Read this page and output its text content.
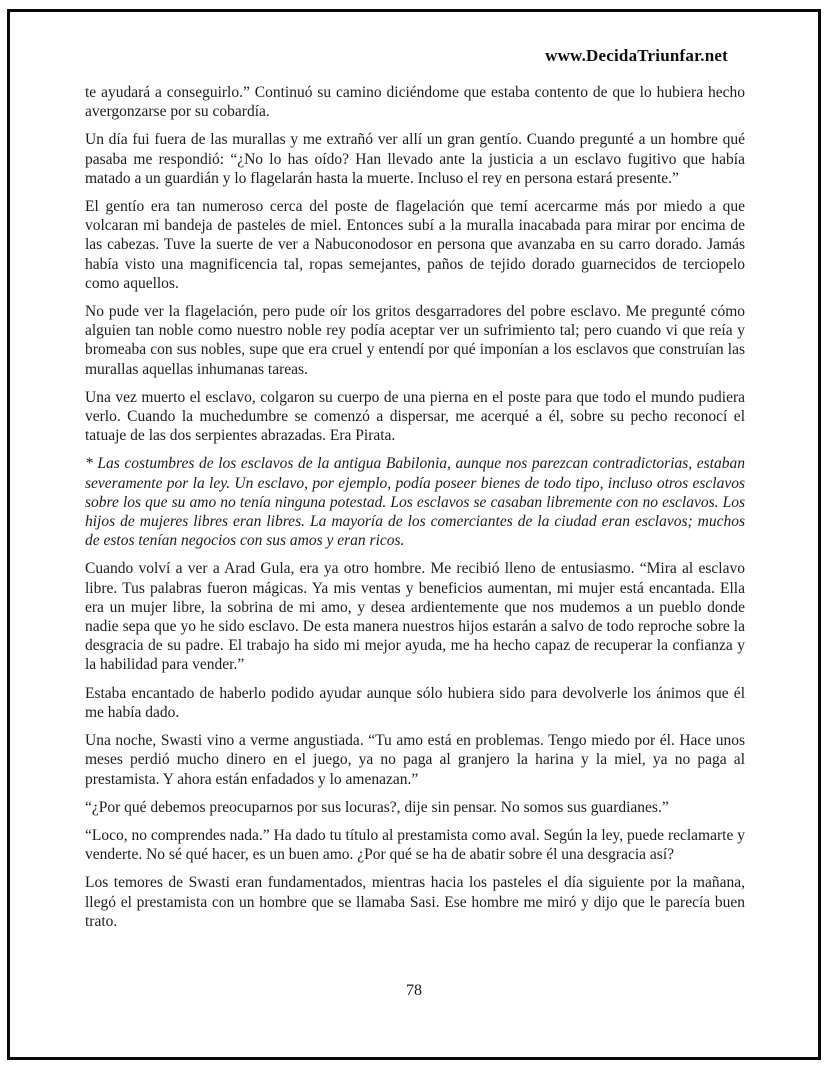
www.DecidaTriunfar.net

te ayudará a conseguirlo.” Continuó su camino diciéndome que estaba contento de que lo hubiera hecho avergonzarse por su cobardía.

Un día fui fuera de las murallas y me extrañó ver allí un gran gentío. Cuando pregunté a un hombre qué pasaba me respondió: “¿No lo has oído? Han llevado ante la justicia a un esclavo fugitivo que había matado a un guardián y lo flagelarán hasta la muerte. Incluso el rey en persona estará presente.”

El gentío era tan numeroso cerca del poste de flagelación que temí acercarme más por miedo a que volcaran mi bandeja de pasteles de miel. Entonces subí a la muralla inacabada para mirar por encima de las cabezas. Tuve la suerte de ver a Nabuconodosor en persona que avanzaba en su carro dorado. Jamás había visto una magnificencia tal, ropas semejantes, paños de tejido dorado guarnecidos de terciopelo como aquellos.

No pude ver la flagelación, pero pude oír los gritos desgarradores del pobre esclavo. Me pregunté cómo alguien tan noble como nuestro noble rey podía aceptar ver un sufrimiento tal; pero cuando vi que reía y bromeaba con sus nobles, supe que era cruel y entendí por qué imponían a los esclavos que construían las murallas aquellas inhumanas tareas.

Una vez muerto el esclavo, colgaron su cuerpo de una pierna en el poste para que todo el mundo pudiera verlo. Cuando la muchedumbre se comenzó a dispersar, me acerqué a él, sobre su pecho reconocí el tatuaje de las dos serpientes abrazadas. Era Pirata.

* Las costumbres de los esclavos de la antigua Babilonia, aunque nos parezcan contradictorias, estaban severamente por la ley. Un esclavo, por ejemplo, podía poseer bienes de todo tipo, incluso otros esclavos sobre los que su amo no tenía ninguna potestad. Los esclavos se casaban libremente con no esclavos. Los hijos de mujeres libres eran libres. La mayoría de los comerciantes de la ciudad eran esclavos; muchos de estos tenían negocios con sus amos y eran ricos.

Cuando volví a ver a Arad Gula, era ya otro hombre. Me recibió lleno de entusiasmo. “Mira al esclavo libre. Tus palabras fueron mágicas. Ya mis ventas y beneficios aumentan, mi mujer está encantada. Ella era un mujer libre, la sobrina de mi amo, y desea ardientemente que nos mudemos a un pueblo donde nadie sepa que yo he sido esclavo. De esta manera nuestros hijos estarán a salvo de todo reproche sobre la desgracia de su padre. El trabajo ha sido mi mejor ayuda, me ha hecho capaz de recuperar la confianza y la habilidad para vender.”

Estaba encantado de haberlo podido ayudar aunque sólo hubiera sido para devolverle los ánimos que él me había dado.

Una noche, Swasti vino a verme angustiada. “Tu amo está en problemas. Tengo miedo por él. Hace unos meses perdió mucho dinero en el juego, ya no paga al granjero la harina y la miel, ya no paga al prestamista. Y ahora están enfadados y lo amenazan.”

“¿Por qué debemos preocuparnos por sus locuras?, dije sin pensar. No somos sus guardianes.”

“Loco, no comprendes nada.” Ha dado tu título al prestamista como aval. Según la ley, puede reclamarte y venderte. No sé qué hacer, es un buen amo. ¿Por qué se ha de abatir sobre él una desgracia así?

Los temores de Swasti eran fundamentados, mientras hacia los pasteles el día siguiente por la mañana, llegó el prestamista con un hombre que se llamaba Sasi. Ese hombre me miró y dijo que le parecía buen trato.

78
